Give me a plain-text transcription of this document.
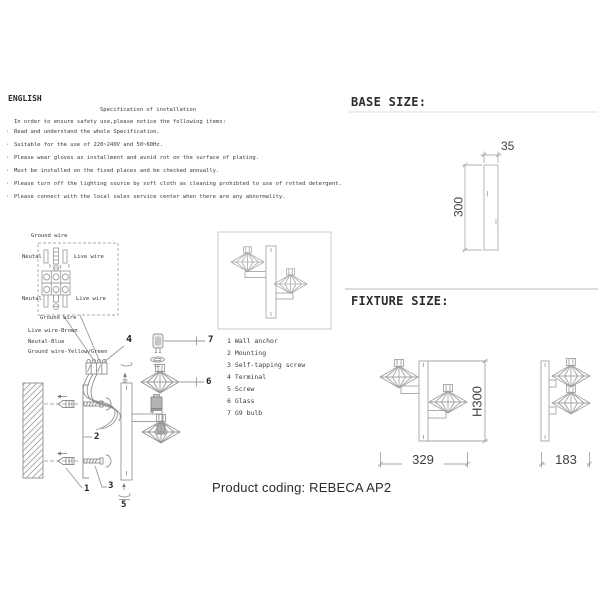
ENGLISH
Specification of installation
In order to ensure safety use,please notice the following items:
· Read and understand the whole Specification.
· Suitable for the use of 220~240V and 50~60Hz.
· Please wear gloves as installment and avoid rot on the surface of plating.
· Must be installed on the fixed places and be checked annually.
· Please turn off the lighting source by soft cloth as cleaning prohibted to use of rotted detergent.
· Please connect with the local sales service center when there are any abnormality.
Ground wire
Neutal	Live wire
Neutal	Live wire
Ground wire
Live wire-Brown
Neutal-Blue
Ground wire-Yellow/Green
4	7
6
2
1 3
5
1 Wall anchor
2 Mounting
3 Self-tapping screw
4 Terminal
5 Screw
6 Glass
7 G9 bulb
BASE SIZE:
FIXTURE SIZE:
35
300
H300
329	183
Product coding: REBECA AP2
